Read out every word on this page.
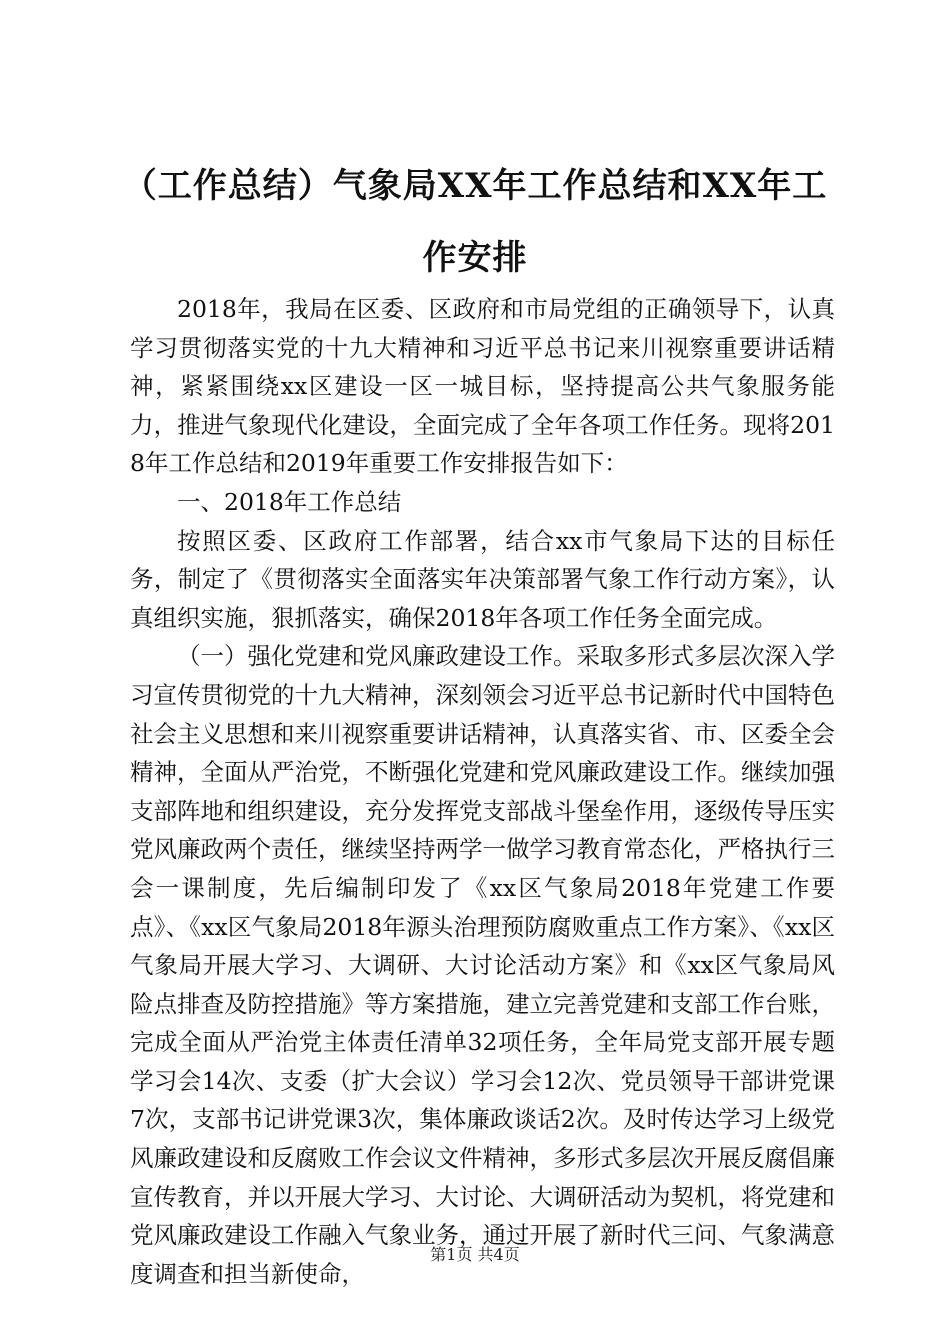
（工作总结）气象局XX年工作总结和XX年工
作安排

2018年，我局在区委、区政府和市局党组的正确领导下，认真学习贯彻落实党的十九大精神和习近平总书记来川视察重要讲话精神，紧紧围绕xx区建设一区一城目标，坚持提高公共气象服务能力，推进气象现代化建设，全面完成了全年各项工作任务。现将2018年工作总结和2019年重要工作安排报告如下：

一、2018年工作总结

按照区委、区政府工作部署，结合xx市气象局下达的目标任务，制定了《贯彻落实全面落实年决策部署气象工作行动方案》，认真组织实施，狠抓落实，确保2018年各项工作任务全面完成。

（一）强化党建和党风廉政建设工作。采取多形式多层次深入学习宣传贯彻党的十九大精神，深刻领会习近平总书记新时代中国特色社会主义思想和来川视察重要讲话精神，认真落实省、市、区委全会精神，全面从严治党，不断强化党建和党风廉政建设工作。继续加强支部阵地和组织建设，充分发挥党支部战斗堡垒作用，逐级传导压实党风廉政两个责任，继续坚持两学一做学习教育常态化，严格执行三会一课制度，先后编制印发了《xx区气象局2018年党建工作要点》、《xx区气象局2018年源头治理预防腐败重点工作方案》、《xx区气象局开展大学习、大调研、大讨论活动方案》和《xx区气象局风险点排查及防控措施》等方案措施，建立完善党建和支部工作台账，完成全面从严治党主体责任清单32项任务，全年局党支部开展专题学习会14次、支委（扩大会议）学习会12次、党员领导干部讲党课7次，支部书记讲党课3次，集体廉政谈话2次。及时传达学习上级党风廉政建设和反腐败工作会议文件精神，多形式多层次开展反腐倡廉宣传教育，并以开展大学习、大讨论、大调研活动为契机，将党建和党风廉政建设工作融入气象业务，通过开展了新时代三问、气象满意度调查和担当新使命，

第1页 共4页
